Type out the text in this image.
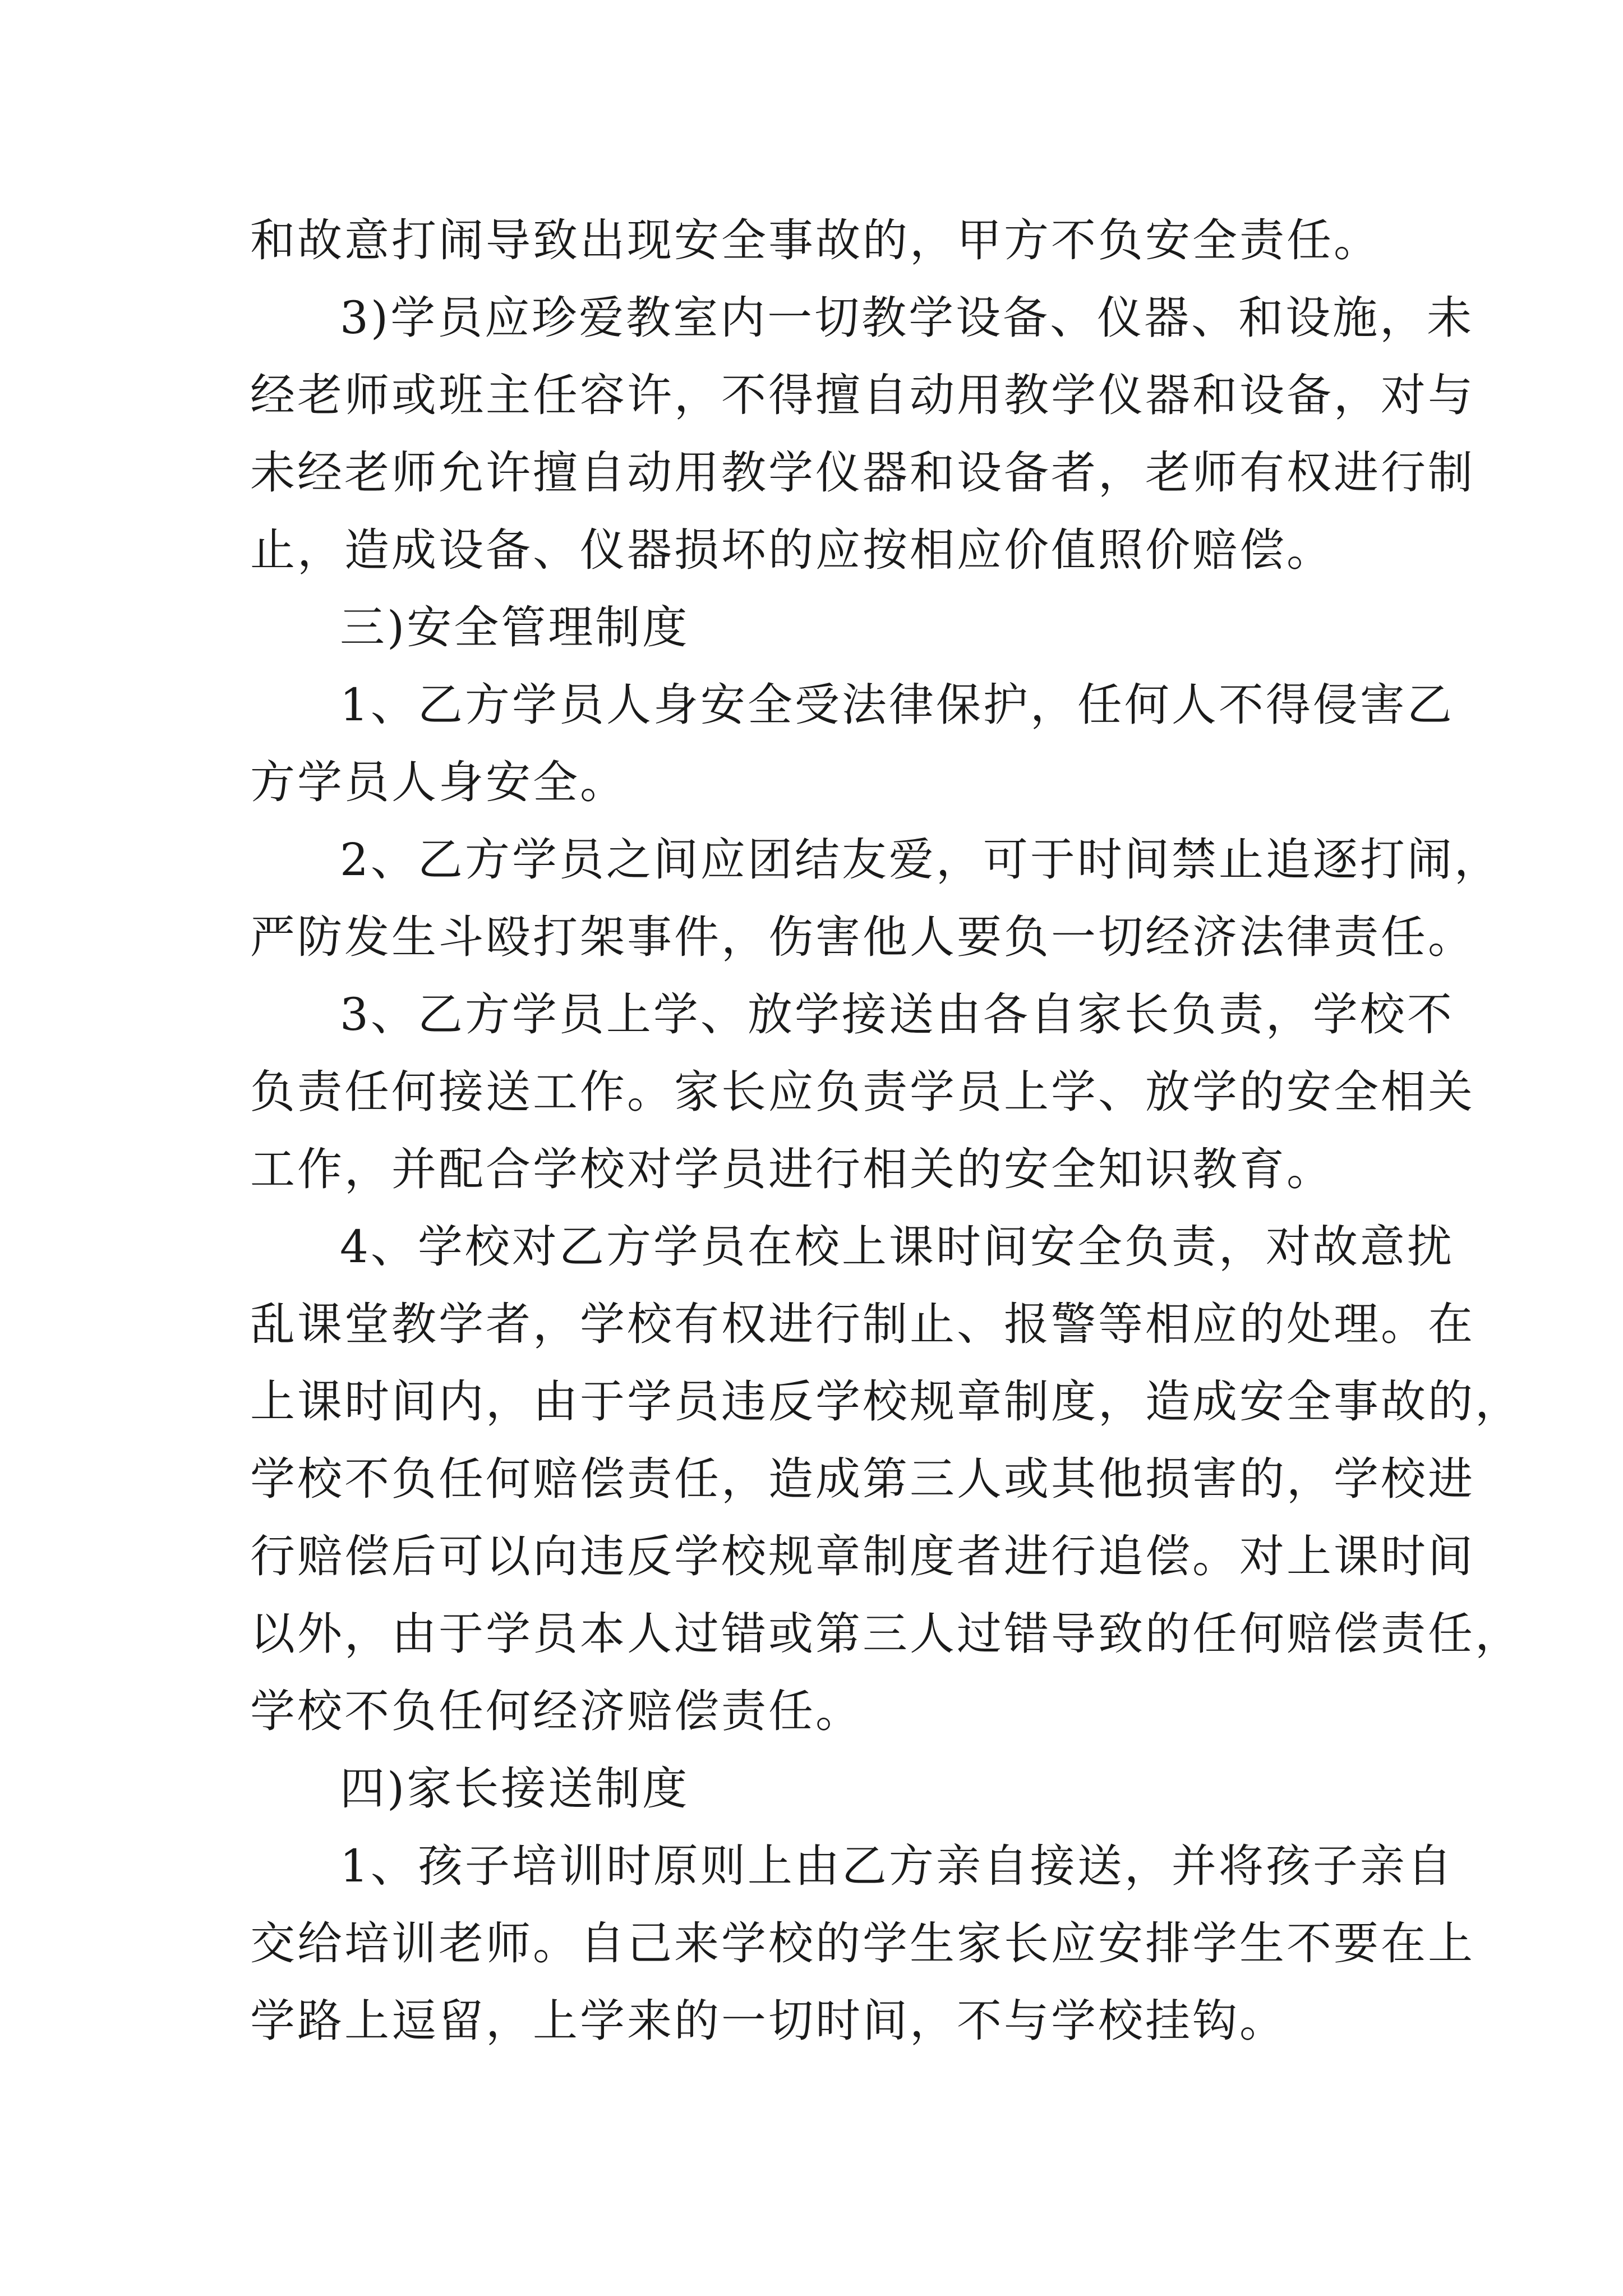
和故意打闹导致出现安全事故的，甲方不负安全责任。
3)学员应珍爱教室内一切教学设备、仪器、和设施，未
经老师或班主任容许，不得擅自动用教学仪器和设备，对与
未经老师允许擅自动用教学仪器和设备者，老师有权进行制
止，造成设备、仪器损坏的应按相应价值照价赔偿。
三)安全管理制度
1、乙方学员人身安全受法律保护，任何人不得侵害乙
方学员人身安全。
2、乙方学员之间应团结友爱，可于时间禁止追逐打闹，
严防发生斗殴打架事件，伤害他人要负一切经济法律责任。
3、乙方学员上学、放学接送由各自家长负责，学校不
负责任何接送工作。家长应负责学员上学、放学的安全相关
工作，并配合学校对学员进行相关的安全知识教育。
4、学校对乙方学员在校上课时间安全负责，对故意扰
乱课堂教学者，学校有权进行制止、报警等相应的处理。在
上课时间内，由于学员违反学校规章制度，造成安全事故的，
学校不负任何赔偿责任，造成第三人或其他损害的，学校进
行赔偿后可以向违反学校规章制度者进行追偿。对上课时间
以外，由于学员本人过错或第三人过错导致的任何赔偿责任，
学校不负任何经济赔偿责任。
四)家长接送制度
1、孩子培训时原则上由乙方亲自接送，并将孩子亲自
交给培训老师。自己来学校的学生家长应安排学生不要在上
学路上逗留，上学来的一切时间，不与学校挂钩。
